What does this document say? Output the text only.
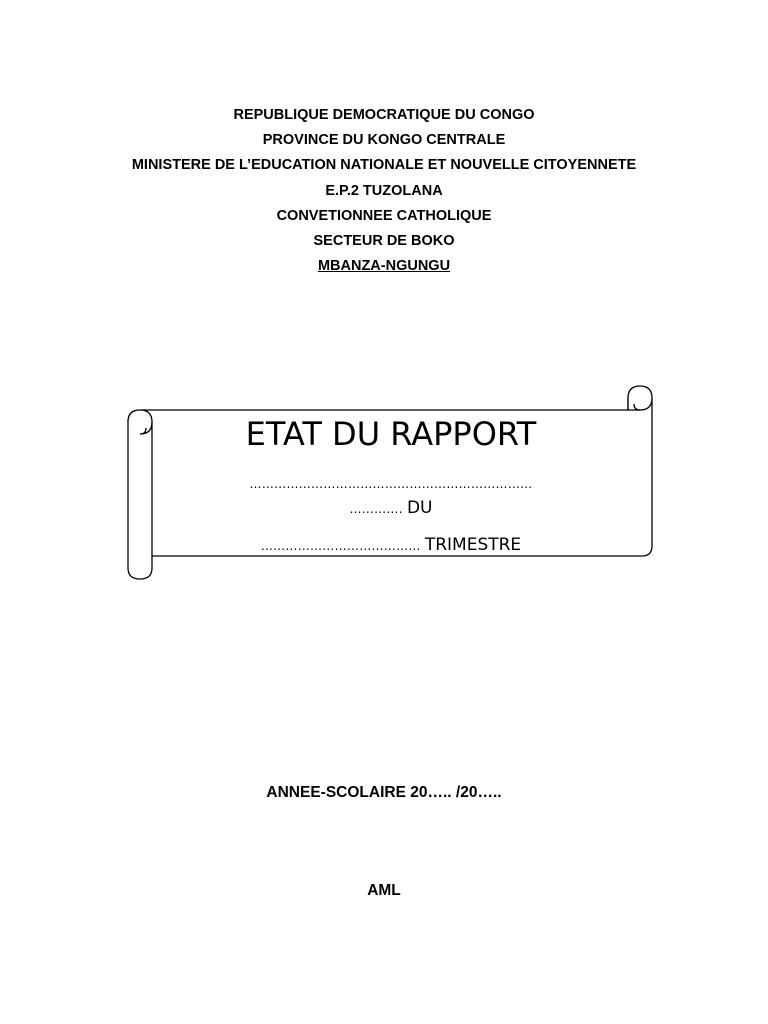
REPUBLIQUE DEMOCRATIQUE DU CONGO
PROVINCE DU KONGO CENTRALE
MINISTERE DE L’EDUCATION NATIONALE ET NOUVELLE CITOYENNETE
E.P.2 TUZOLANA
CONVETIONNEE CATHOLIQUE
SECTEUR DE BOKO
MBANZA-NGUNGU
ETAT DU RAPPORT
……………………………………………………………
…………. DU
………………………………… TRIMESTRE
ANNEE-SCOLAIRE 20….. /20…..
AML
